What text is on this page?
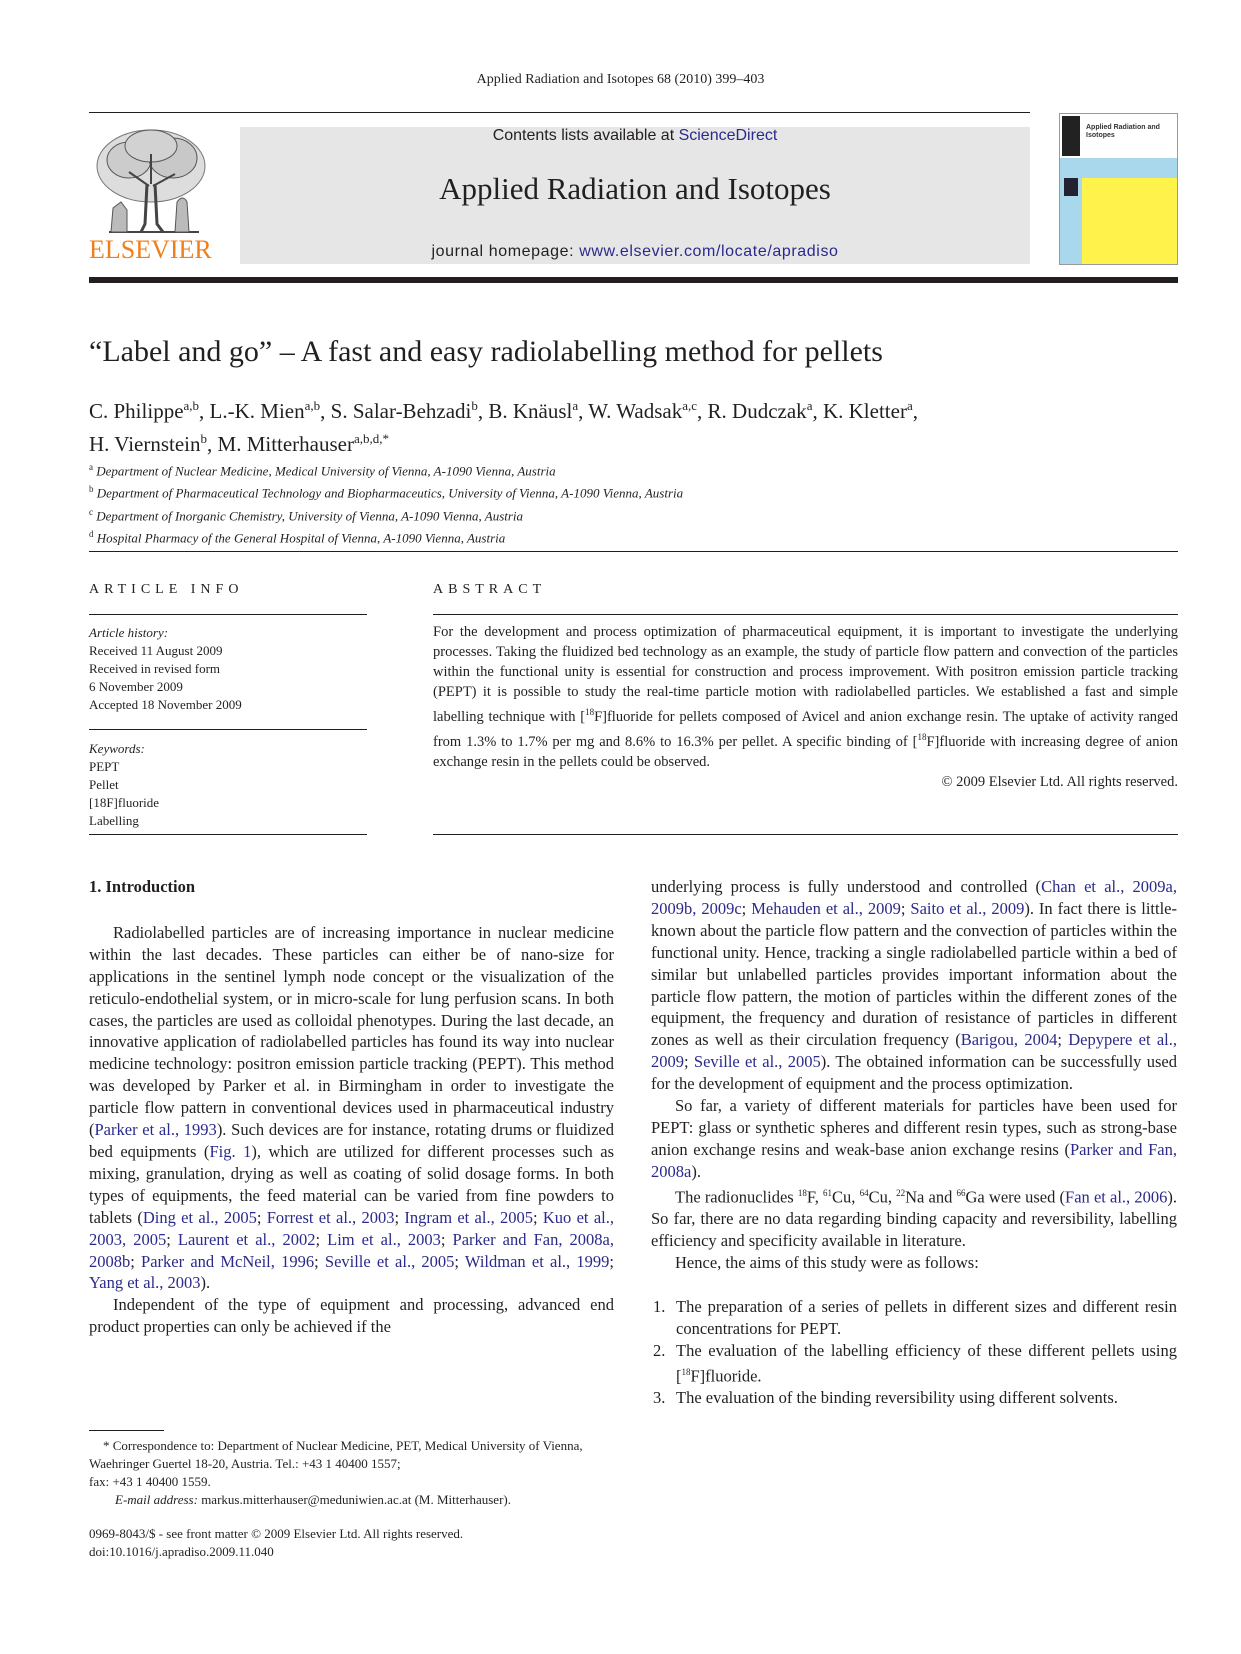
Applied Radiation and Isotopes 68 (2010) 399–403
ELSEVIER
Contents lists available at ScienceDirect
Applied Radiation and Isotopes
journal homepage: www.elsevier.com/locate/apradiso
Applied Radiation and Isotopes
“Label and go” – A fast and easy radiolabelling method for pellets
C. Philippe$^{a,b}$, L.-K. Mien$^{a,b}$, S. Salar-Behzadi$^b$, B. Knäusl$^a$, W. Wadsak$^{a,c}$, R. Dudczak$^a$, K. Kletter$^a$,
H. Viernstein$^b$, M. Mitterhauser$^{a,b,d,*}$
$^a$ Department of Nuclear Medicine, Medical University of Vienna, A-1090 Vienna, Austria
$^b$ Department of Pharmaceutical Technology and Biopharmaceutics, University of Vienna, A-1090 Vienna, Austria
$^c$ Department of Inorganic Chemistry, University of Vienna, A-1090 Vienna, Austria
$^d$ Hospital Pharmacy of the General Hospital of Vienna, A-1090 Vienna, Austria
ARTICLE INFO
Article history:
Received 11 August 2009
Received in revised form
6 November 2009
Accepted 18 November 2009
Keywords:
PEPT
Pellet
[18F]fluoride
Labelling
ABSTRACT
For the development and process optimization of pharmaceutical equipment, it is important to investigate the underlying processes. Taking the fluidized bed technology as an example, the study of particle flow pattern and convection of the particles within the functional unity is essential for construction and process improvement. With positron emission particle tracking (PEPT) it is possible to study the real-time particle motion with radiolabelled particles. We established a fast and simple labelling technique with [$^{18}$F]fluoride for pellets composed of Avicel and anion exchange resin. The uptake of activity ranged from 1.3% to 1.7% per mg and 8.6% to 16.3% per pellet. A specific binding of [$^{18}$F]fluoride with increasing degree of anion exchange resin in the pellets could be observed.
© 2009 Elsevier Ltd. All rights reserved.
1. Introduction

Radiolabelled particles are of increasing importance in nuclear medicine within the last decades. These particles can either be of nano-size for applications in the sentinel lymph node concept or the visualization of the reticulo-endothelial system, or in micro-scale for lung perfusion scans. In both cases, the particles are used as colloidal phenotypes. During the last decade, an innovative application of radiolabelled particles has found its way into nuclear medicine technology: positron emission particle tracking (PEPT). This method was developed by Parker et al. in Birmingham in order to investigate the particle flow pattern in conventional devices used in pharmaceutical industry (Parker et al., 1993). Such devices are for instance, rotating drums or fluidized bed equipments (Fig. 1), which are utilized for different processes such as mixing, granulation, drying as well as coating of solid dosage forms. In both types of equipments, the feed material can be varied from fine powders to tablets (Ding et al., 2005; Forrest et al., 2003; Ingram et al., 2005; Kuo et al., 2003, 2005; Laurent et al., 2002; Lim et al., 2003; Parker and Fan, 2008a, 2008b; Parker and McNeil, 1996; Seville et al., 2005; Wildman et al., 1999; Yang et al., 2003).

Independent of the type of equipment and processing, advanced end product properties can only be achieved if the

underlying process is fully understood and controlled (Chan et al., 2009a, 2009b, 2009c; Mehauden et al., 2009; Saito et al., 2009). In fact there is little-known about the particle flow pattern and the convection of particles within the functional unity. Hence, tracking a single radiolabelled particle within a bed of similar but unlabelled particles provides important information about the particle flow pattern, the motion of particles within the different zones of the equipment, the frequency and duration of resistance of particles in different zones as well as their circulation frequency (Barigou, 2004; Depypere et al., 2009; Seville et al., 2005). The obtained information can be successfully used for the development of equipment and the process optimization.

So far, a variety of different materials for particles have been used for PEPT: glass or synthetic spheres and different resin types, such as strong-base anion exchange resins and weak-base anion exchange resins (Parker and Fan, 2008a).

The radionuclides $^{18}$F, $^{61}$Cu, $^{64}$Cu, $^{22}$Na and $^{66}$Ga were used (Fan et al., 2006). So far, there are no data regarding binding capacity and reversibility, labelling efficiency and specificity available in literature.

Hence, the aims of this study were as follows:

1. The preparation of a series of pellets in different sizes and different resin concentrations for PEPT.
2. The evaluation of the labelling efficiency of these different pellets using [$^{18}$F]fluoride.
3. The evaluation of the binding reversibility using different solvents.
* Correspondence to: Department of Nuclear Medicine, PET, Medical University of Vienna, Waehringer Guertel 18-20, Austria. Tel.: +43 1 40400 1557;
fax: +43 1 40400 1559.
E-mail address: markus.mitterhauser@meduniwien.ac.at (M. Mitterhauser).
0969-8043/$ - see front matter © 2009 Elsevier Ltd. All rights reserved.
doi:10.1016/j.apradiso.2009.11.040
